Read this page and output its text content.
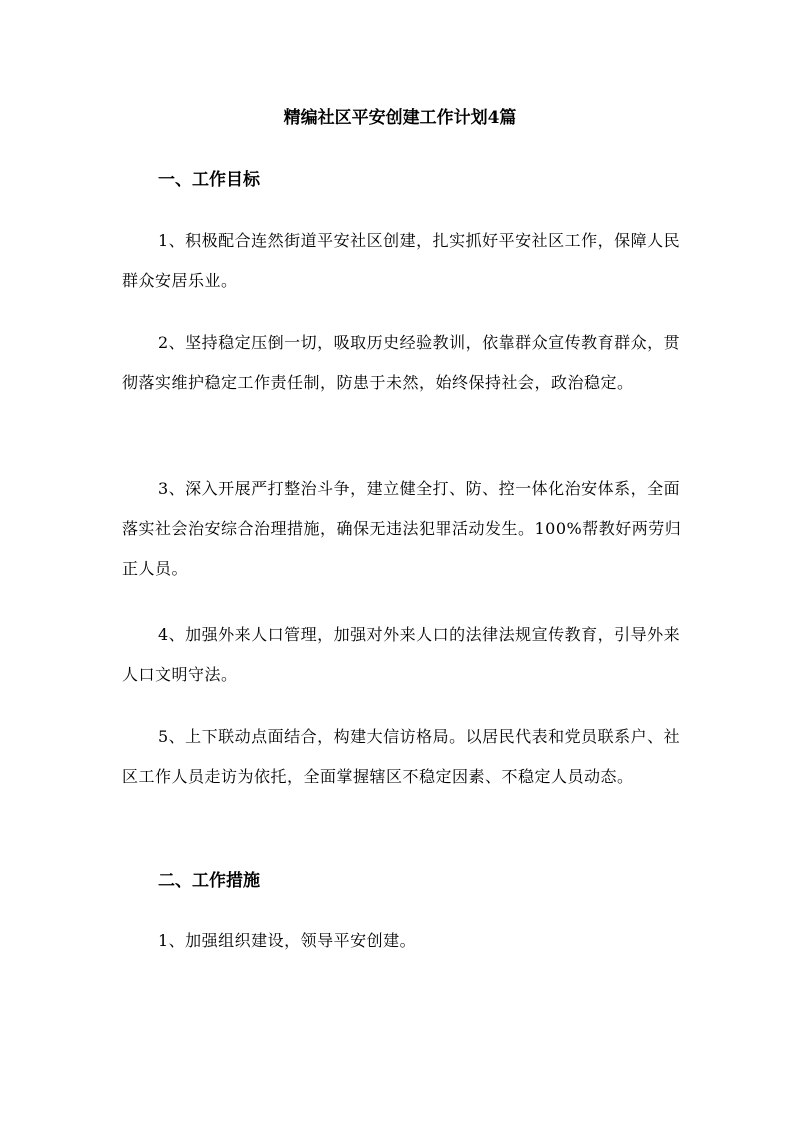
精编社区平安创建工作计划4篇
一、工作目标

1、积极配合连然街道平安社区创建，扎实抓好平安社区工作，保障人民群众安居乐业。

2、坚持稳定压倒一切，吸取历史经验教训，依靠群众宣传教育群众，贯彻落实维护稳定工作责任制，防患于未然，始终保持社会，政治稳定。

3、深入开展严打整治斗争，建立健全打、防、控一体化治安体系，全面落实社会治安综合治理措施，确保无违法犯罪活动发生。100%帮教好两劳归正人员。

4、加强外来人口管理，加强对外来人口的法律法规宣传教育，引导外来人口文明守法。

5、上下联动点面结合，构建大信访格局。以居民代表和党员联系户、社区工作人员走访为依托，全面掌握辖区不稳定因素、不稳定人员动态。

二、工作措施

1、加强组织建设，领导平安创建。
